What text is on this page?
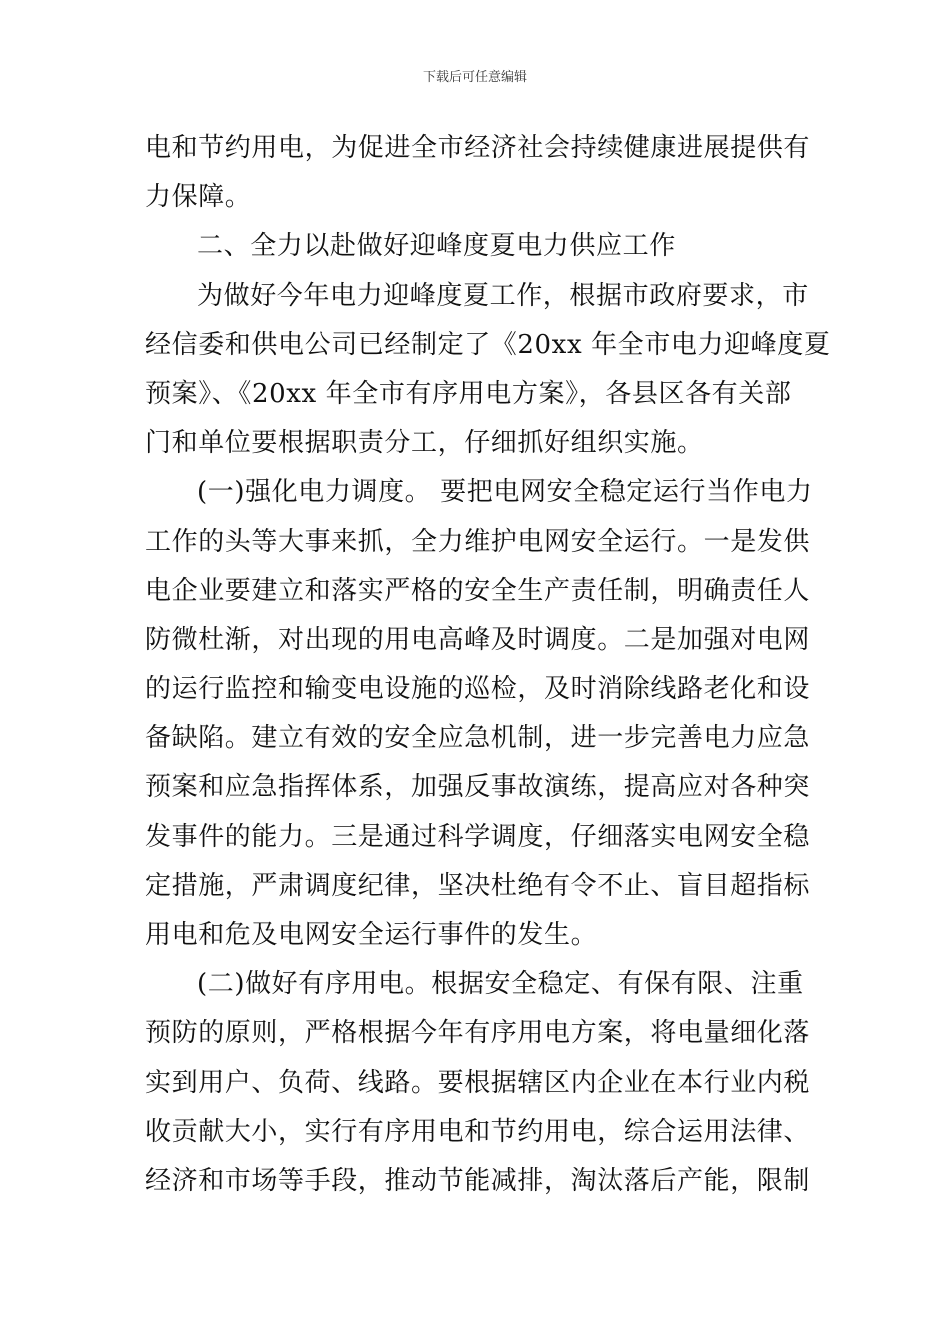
下载后可任意编辑
电和节约用电，为促进全市经济社会持续健康进展提供有
力保障。
二、全力以赴做好迎峰度夏电力供应工作
为做好今年电力迎峰度夏工作，根据市政府要求，市
经信委和供电公司已经制定了《20xx 年全市电力迎峰度夏
预案》、《20xx 年全市有序用电方案》，各县区各有关部
门和单位要根据职责分工，仔细抓好组织实施。
(一)强化电力调度。 要把电网安全稳定运行当作电力
工作的头等大事来抓，全力维护电网安全运行。一是发供
电企业要建立和落实严格的安全生产责任制，明确责任人
防微杜渐，对出现的用电高峰及时调度。二是加强对电网
的运行监控和输变电设施的巡检，及时消除线路老化和设
备缺陷。建立有效的安全应急机制，进一步完善电力应急
预案和应急指挥体系，加强反事故演练，提高应对各种突
发事件的能力。三是通过科学调度，仔细落实电网安全稳
定措施，严肃调度纪律，坚决杜绝有令不止、盲目超指标
用电和危及电网安全运行事件的发生。
(二)做好有序用电。根据安全稳定、有保有限、注重
预防的原则，严格根据今年有序用电方案，将电量细化落
实到用户、负荷、线路。要根据辖区内企业在本行业内税
收贡献大小，实行有序用电和节约用电，综合运用法律、
经济和市场等手段，推动节能减排，淘汰落后产能，限制
